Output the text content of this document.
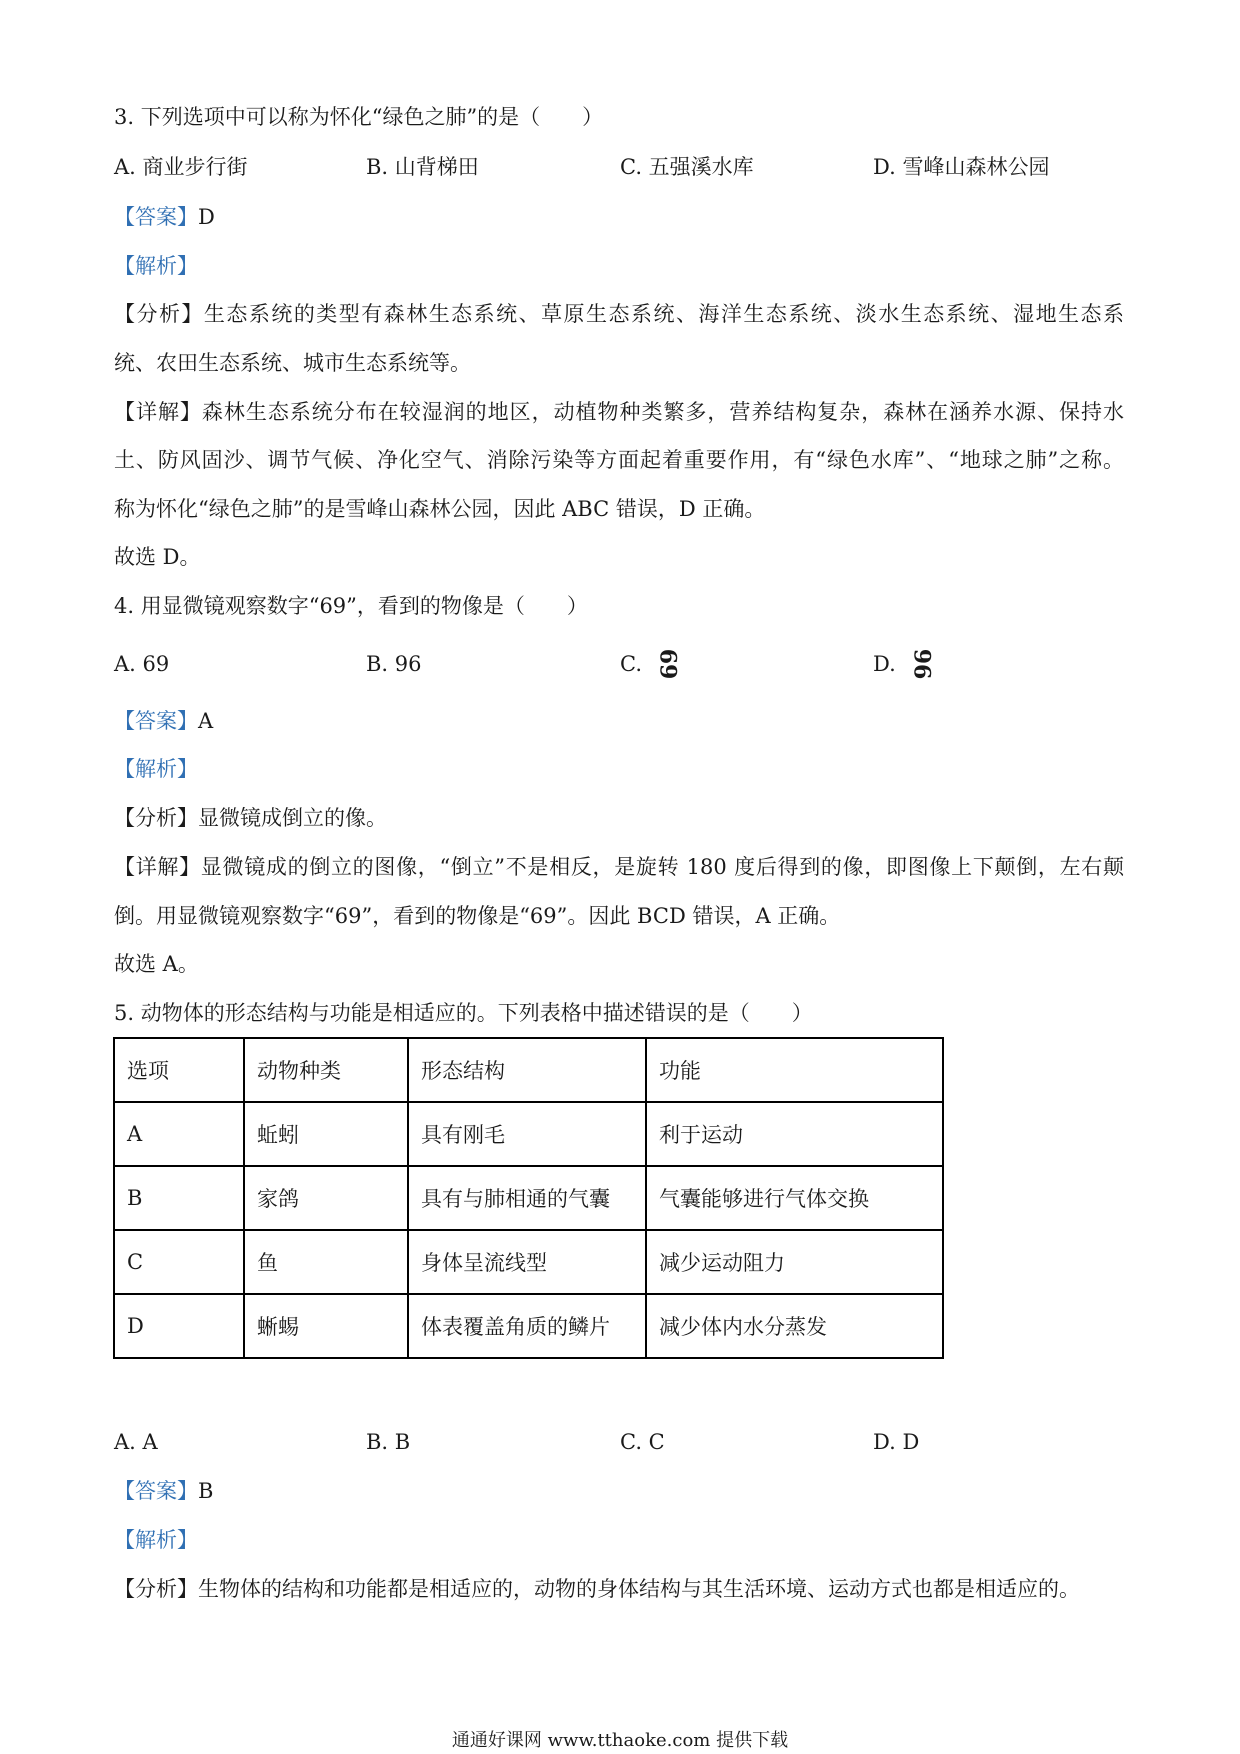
3. 下列选项中可以称为怀化“绿色之肺”的是（　　）
A. 商业步行街	B. 山背梯田	C. 五强溪水库	D. 雪峰山森林公园
【答案】D
【解析】
【分析】生态系统的类型有森林生态系统、草原生态系统、海洋生态系统、淡水生态系统、湿地生态系
统、农田生态系统、城市生态系统等。
【详解】森林生态系统分布在较湿润的地区，动植物种类繁多，营养结构复杂，森林在涵养水源、保持水
土、防风固沙、调节气候、净化空气、消除污染等方面起着重要作用，有“绿色水库”、“地球之肺”之称。
称为怀化“绿色之肺”的是雪峰山森林公园，因此 ABC 错误，D 正确。
故选 D。
4. 用显微镜观察数字“69”，看到的物像是（　　）
A. 69	B. 96	C. 69	D. 96
【答案】A
【解析】
【分析】显微镜成倒立的像。
【详解】显微镜成的倒立的图像，“倒立”不是相反，是旋转 180 度后得到的像，即图像上下颠倒，左右颠
倒。用显微镜观察数字“69”，看到的物像是“69”。因此 BCD 错误，A 正确。
故选 A。
5. 动物体的形态结构与功能是相适应的。下列表格中描述错误的是（　　）
选项	动物种类	形态结构	功能
A	蚯蚓	具有刚毛	利于运动
B	家鸽	具有与肺相通的气囊	气囊能够进行气体交换
C	鱼	身体呈流线型	减少运动阻力
D	蜥蜴	体表覆盖角质的鳞片	减少体内水分蒸发
A. A	B. B	C. C	D. D
【答案】B
【解析】
【分析】生物体的结构和功能都是相适应的，动物的身体结构与其生活环境、运动方式也都是相适应的。
通通好课网 www.tthaoke.com 提供下载
